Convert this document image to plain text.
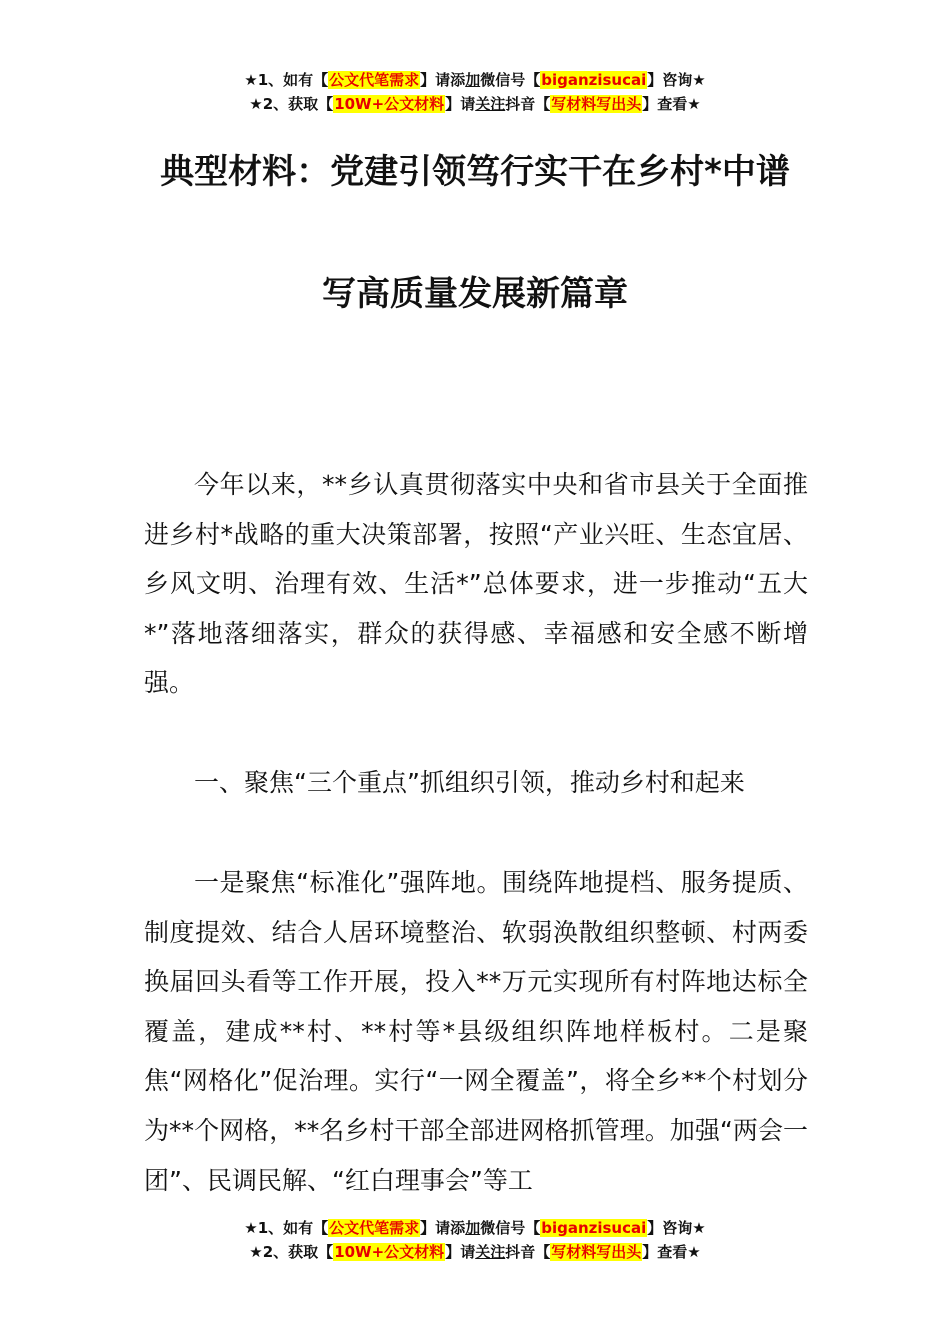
★1、如有【公文代笔需求】请添加微信号【biganzisucai】咨询★
★2、获取【10W+公文材料】请关注抖音【写材料写出头】查看★
典型材料：党建引领笃行实干在乡村*中谱
写高质量发展新篇章

今年以来，**乡认真贯彻落实中央和省市县关于全面推进乡村*战略的重大决策部署，按照“产业兴旺、生态宜居、乡风文明、治理有效、生活*”总体要求，进一步推动“五大*”落地落细落实，群众的获得感、幸福感和安全感不断增强。

一、聚焦“三个重点”抓组织引领，推动乡村和起来

一是聚焦“标准化”强阵地。围绕阵地提档、服务提质、制度提效、结合人居环境整治、软弱涣散组织整顿、村两委换届回头看等工作开展，投入**万元实现所有村阵地达标全覆盖，建成**村、**村等*县级组织阵地样板村。二是聚焦“网格化”促治理。实行“一网全覆盖”，将全乡**个村划分为**个网格，**名乡村干部全部进网格抓管理。加强“两会一团”、民调民解、“红白理事会”等工

★1、如有【公文代笔需求】请添加微信号【biganzisucai】咨询★
★2、获取【10W+公文材料】请关注抖音【写材料写出头】查看★
